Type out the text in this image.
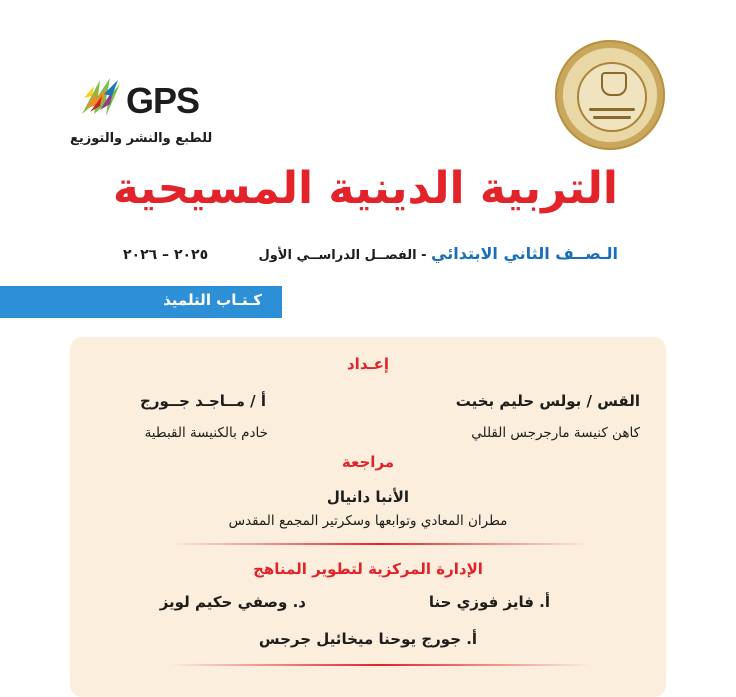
GPS
للطبع والنشر والتوزيع
التربية الدينية المسيحية
الـصــف الثاني الابتدائي - الفصــل الدراســي الأول
٢٠٢٥ – ٢٠٢٦
كـتـاب التلميذ
إعـداد
القس / بولس حليم بخيت
كاهن كنيسة مارجرجس القللي
أ / مــاجـد جــورج
خادم بالكنيسة القبطية
مراجعة
الأنبا دانيال
مطران المعادي وتوابعها وسكرتير المجمع المقدس
الإدارة المركزية لتطوير المناهج
أ. فايز فوزي حنا
د. وصفي حكيم لويز
أ. جورج يوحنا ميخائيل جرجس
